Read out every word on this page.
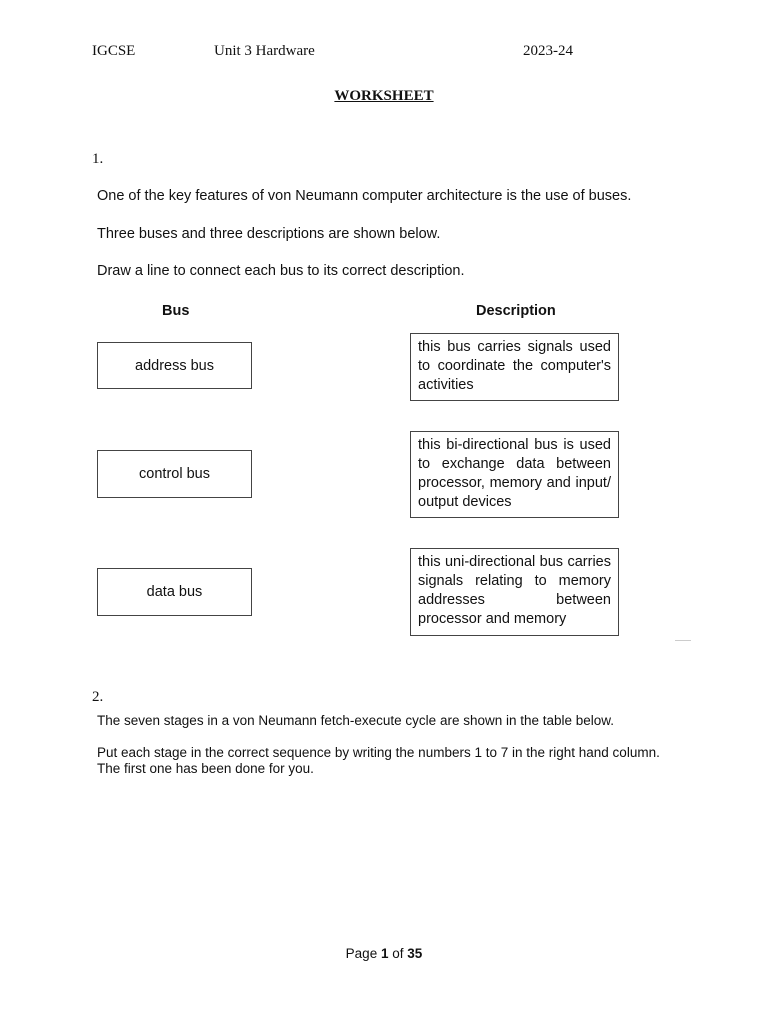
IGCSE	Unit 3 Hardware	2023-24
WORKSHEET
1.
One of the key features of von Neumann computer architecture is the use of buses.
Three buses and three descriptions are shown below.
Draw a line to connect each bus to its correct description.
Bus	Description
address bus
control bus
data bus
this bus carries signals used to coordinate the computer's activities
this bi-directional bus is used to exchange data between processor, memory and input/ output devices
this uni-directional bus carries signals relating to memory addresses between processor and memory
2.
The seven stages in a von Neumann fetch-execute cycle are shown in the table below.
Put each stage in the correct sequence by writing the numbers 1 to 7 in the right hand column.
The first one has been done for you.
Page 1 of 35
